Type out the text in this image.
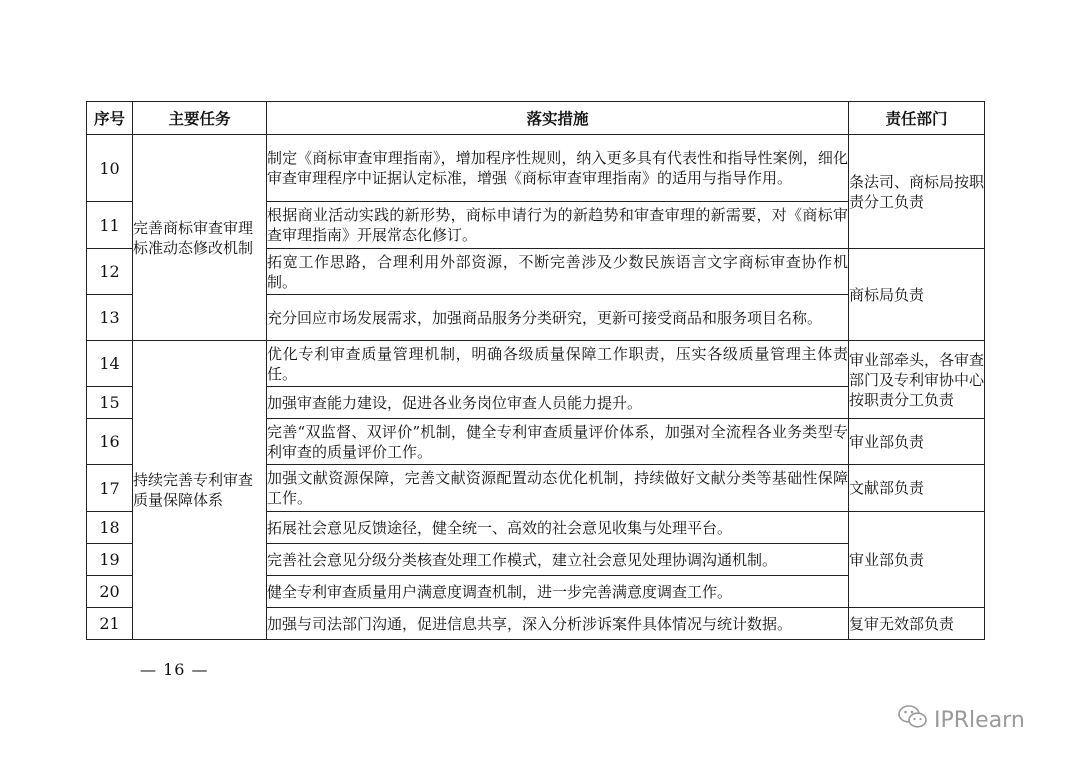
序号	主要任务	落实措施	责任部门
10	完善商标审查审理标准动态修改机制	制定《商标审查审理指南》，增加程序性规则，纳入更多具有代表性和指导性案例，细化审查审理程序中证据认定标准，增强《商标审查审理指南》的适用与指导作用。	条法司、商标局按职责分工负责
11		根据商业活动实践的新形势，商标申请行为的新趋势和审查审理的新需要，对《商标审查审理指南》开展常态化修订。	
12		拓宽工作思路，合理利用外部资源，不断完善涉及少数民族语言文字商标审查协作机制。	商标局负责
13		充分回应市场发展需求，加强商品服务分类研究，更新可接受商品和服务项目名称。	
14	持续完善专利审查质量保障体系	优化专利审查质量管理机制，明确各级质量保障工作职责，压实各级质量管理主体责任。	审业部牵头，各审查部门及专利审协中心按职责分工负责
15		加强审查能力建设，促进各业务岗位审查人员能力提升。	
16		完善“双监督、双评价”机制，健全专利审查质量评价体系，加强对全流程各业务类型专利审查的质量评价工作。	审业部负责
17		加强文献资源保障，完善文献资源配置动态优化机制，持续做好文献分类等基础性保障工作。	文献部负责
18		拓展社会意见反馈途径，健全统一、高效的社会意见收集与处理平台。	审业部负责
19		完善社会意见分级分类核查处理工作模式，建立社会意见处理协调沟通机制。	
20		健全专利审查质量用户满意度调查机制，进一步完善满意度调查工作。	
21		加强与司法部门沟通，促进信息共享，深入分析涉诉案件具体情况与统计数据。	复审无效部负责
— 16 —
IPRlearn
